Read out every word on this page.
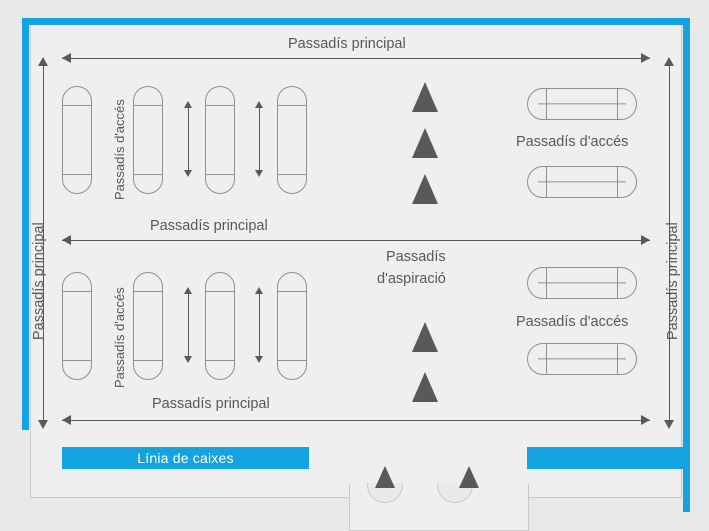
Passadís principal
Passadís principal	Passadís principal
Passadís principal
Passadís principal
Passadís d'accés
Passadís d'accés
Passadís d'accés
Passadís d'accés
Passadís
d'aspiració
Línia de caixes
